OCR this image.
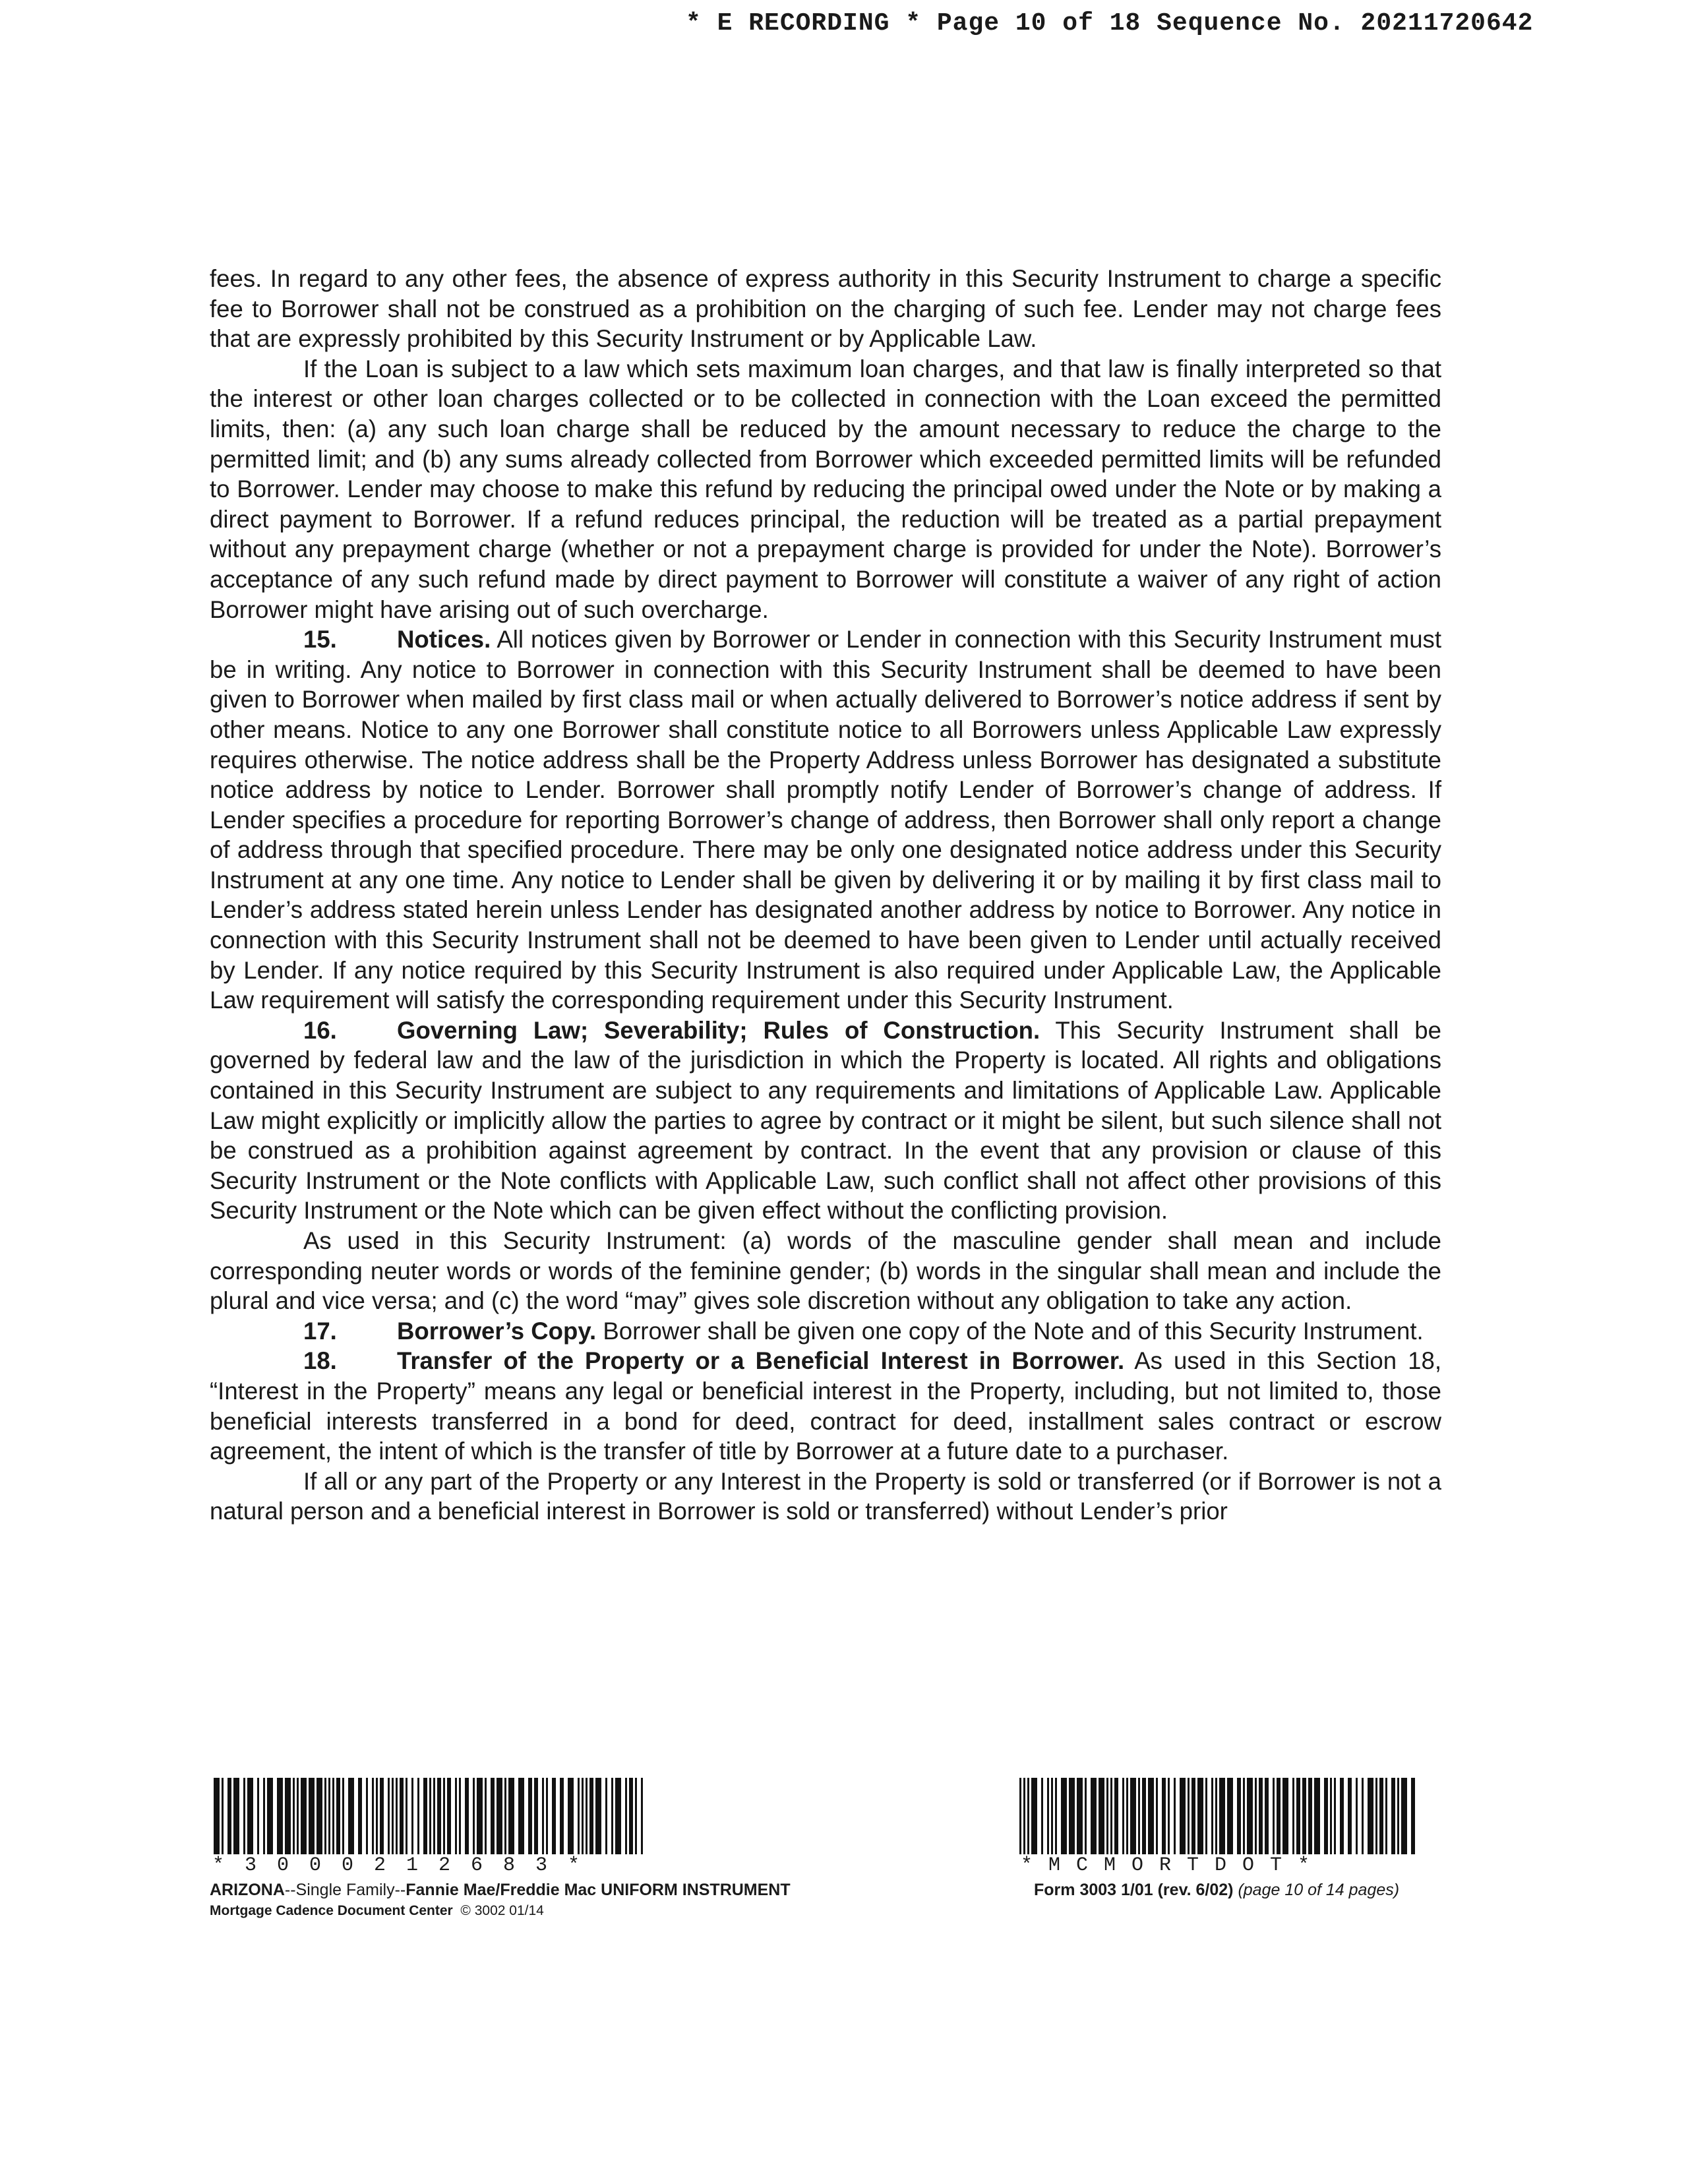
* E RECORDING * Page 10 of 18 Sequence No. 20211720642

fees. In regard to any other fees, the absence of express authority in this Security Instrument to charge a specific fee to Borrower shall not be construed as a prohibition on the charging of such fee. Lender may not charge fees that are expressly prohibited by this Security Instrument or by Applicable Law.

If the Loan is subject to a law which sets maximum loan charges, and that law is finally interpreted so that the interest or other loan charges collected or to be collected in connection with the Loan exceed the permitted limits, then: (a) any such loan charge shall be reduced by the amount necessary to reduce the charge to the permitted limit; and (b) any sums already collected from Borrower which exceeded permitted limits will be refunded to Borrower. Lender may choose to make this refund by reducing the principal owed under the Note or by making a direct payment to Borrower. If a refund reduces principal, the reduction will be treated as a partial prepayment without any prepayment charge (whether or not a prepayment charge is provided for under the Note). Borrower’s acceptance of any such refund made by direct payment to Borrower will constitute a waiver of any right of action Borrower might have arising out of such overcharge.

15. Notices. All notices given by Borrower or Lender in connection with this Security Instrument must be in writing. Any notice to Borrower in connection with this Security Instrument shall be deemed to have been given to Borrower when mailed by first class mail or when actually delivered to Borrower’s notice address if sent by other means. Notice to any one Borrower shall constitute notice to all Borrowers unless Applicable Law expressly requires otherwise. The notice address shall be the Property Address unless Borrower has designated a substitute notice address by notice to Lender. Borrower shall promptly notify Lender of Borrower’s change of address. If Lender specifies a procedure for reporting Borrower’s change of address, then Borrower shall only report a change of address through that specified procedure. There may be only one designated notice address under this Security Instrument at any one time. Any notice to Lender shall be given by delivering it or by mailing it by first class mail to Lender’s address stated herein unless Lender has designated another address by notice to Borrower. Any notice in connection with this Security Instrument shall not be deemed to have been given to Lender until actually received by Lender. If any notice required by this Security Instrument is also required under Applicable Law, the Applicable Law requirement will satisfy the corresponding requirement under this Security Instrument.

16. Governing Law; Severability; Rules of Construction. This Security Instrument shall be governed by federal law and the law of the jurisdiction in which the Property is located. All rights and obligations contained in this Security Instrument are subject to any requirements and limitations of Applicable Law. Applicable Law might explicitly or implicitly allow the parties to agree by contract or it might be silent, but such silence shall not be construed as a prohibition against agreement by contract. In the event that any provision or clause of this Security Instrument or the Note conflicts with Applicable Law, such conflict shall not affect other provisions of this Security Instrument or the Note which can be given effect without the conflicting provision.

As used in this Security Instrument: (a) words of the masculine gender shall mean and include corresponding neuter words or words of the feminine gender; (b) words in the singular shall mean and include the plural and vice versa; and (c) the word “may” gives sole discretion without any obligation to take any action.

17. Borrower’s Copy. Borrower shall be given one copy of the Note and of this Security Instrument.

18. Transfer of the Property or a Beneficial Interest in Borrower. As used in this Section 18, “Interest in the Property” means any legal or beneficial interest in the Property, including, but not limited to, those beneficial interests transferred in a bond for deed, contract for deed, installment sales contract or escrow agreement, the intent of which is the transfer of title by Borrower at a future date to a purchaser.

If all or any part of the Property or any Interest in the Property is sold or transferred (or if Borrower is not a natural person and a beneficial interest in Borrower is sold or transferred) without Lender’s prior

*3000212683*	*MCMORTDOT*
ARIZONA--Single Family--Fannie Mae/Freddie Mac UNIFORM INSTRUMENT
Mortgage Cadence Document Center © 3002 01/14
Form 3003 1/01 (rev. 6/02) (page 10 of 14 pages)
